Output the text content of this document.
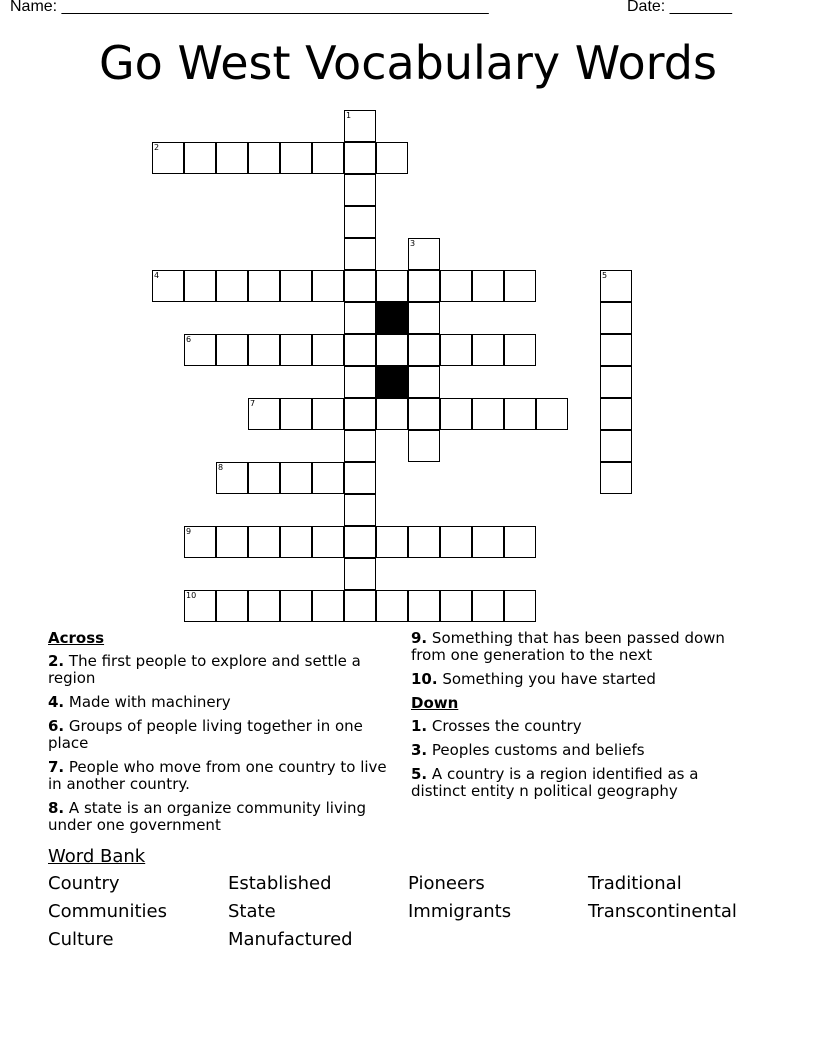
Name: ________________________________________________	Date: _______
Go West Vocabulary Words
1
2
3
4	5
6
7
8
9
10
Across
2. The first people to explore and settle a region
4. Made with machinery
6. Groups of people living together in one place
7. People who move from one country to live in another country.
8. A state is an organize community living under one government
9. Something that has been passed down from one generation to the next
10. Something you have started
Down
1. Crosses the country
3. Peoples customs and beliefs
5. A country is a region identified as a distinct entity n political geography
Word Bank
Country	Established	Pioneers	Traditional
Communities	State	Immigrants	Transcontinental
Culture	Manufactured
